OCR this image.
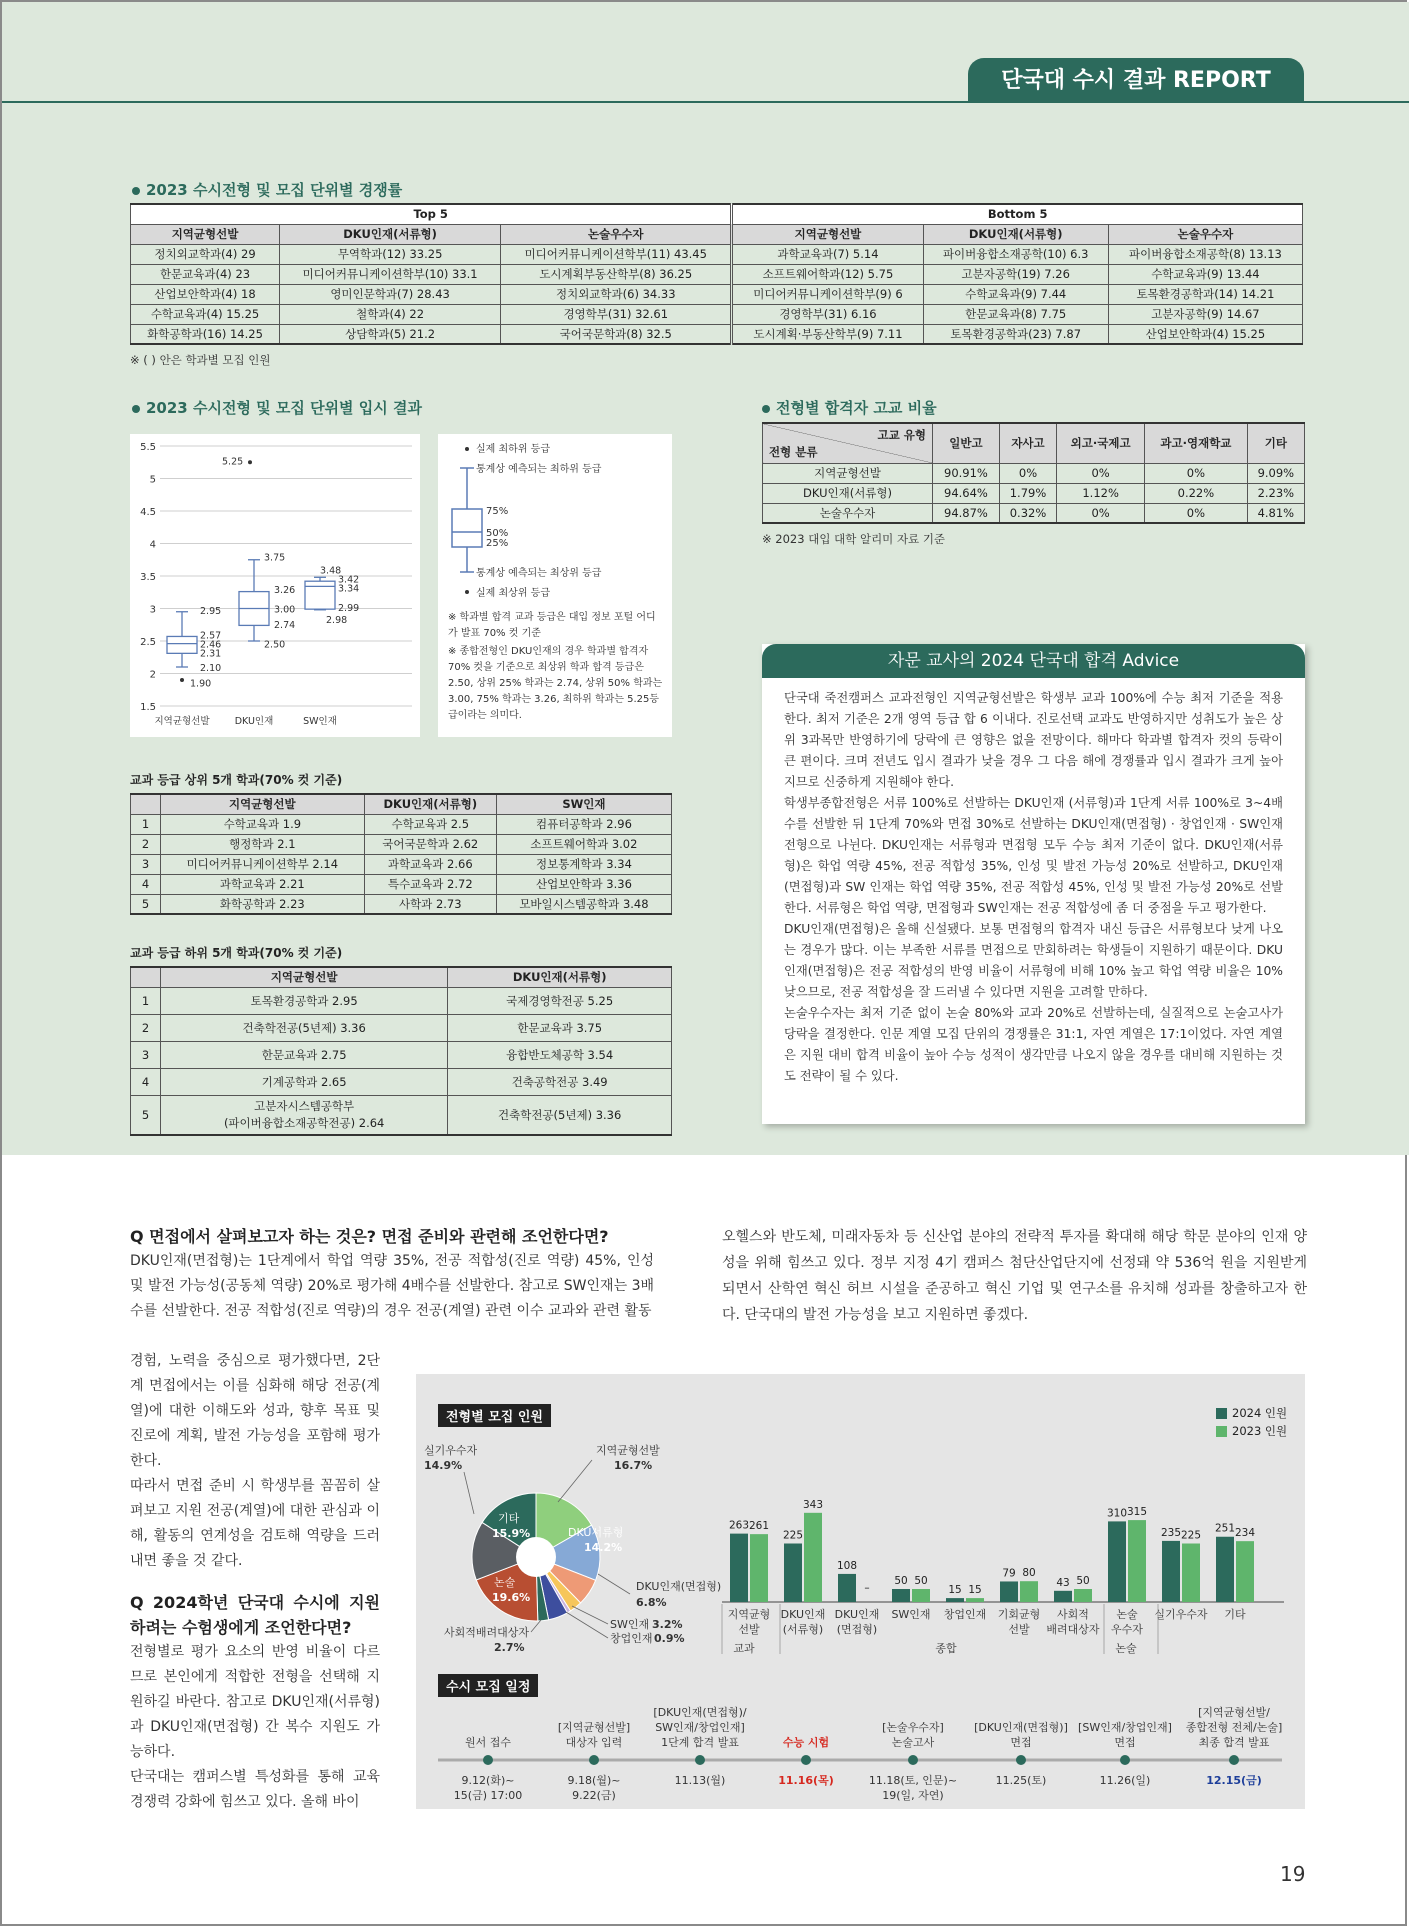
단국대 수시 결과 REPORT
2023 수시전형 및 모집 단위별 경쟁률
Top 5			Bottom 5		
지역균형선발	DKU인재(서류형)	논술우수자	지역균형선발	DKU인재(서류형)	논술우수자
정치외교학과(4) 29	무역학과(12) 33.25	미디어커뮤니케이션학부(11) 43.45	과학교육과(7) 5.14	파이버융합소재공학(10) 6.3	파이버융합소재공학(8) 13.13
한문교육과(4) 23	미디어커뮤니케이션학부(10) 33.1	도시계획부동산학부(8) 36.25	소프트웨어학과(12) 5.75	고분자공학(19) 7.26	수학교육과(9) 13.44
산업보안학과(4) 18	영미인문학과(7) 28.43	정치외교학과(6) 34.33	미디어커뮤니케이션학부(9) 6	수학교육과(9) 7.44	토목환경공학과(14) 14.21
수학교육과(4) 15.25	철학과(4) 22	경영학부(31) 32.61	경영학부(31) 6.16	한문교육과(8) 7.75	고분자공학(9) 14.67
화학공학과(16) 14.25	상담학과(5) 21.2	국어국문학과(8) 32.5	도시계획·부동산학부(9) 7.11	토목환경공학과(23) 7.87	산업보안학과(4) 15.25
※ ( ) 안은 학과별 모집 인원
2023 수시전형 및 모집 단위별 입시 결과
5.5
5
4.5
4
3.5
3
2.5
2
1.5
지역균형선발	DKU인재	SW인재
2.95
2.57
2.46
2.31
2.10
1.90
5.25
3.75
3.26
3.00
2.74
2.50
3.48
3.42
3.34
2.99
2.98
실제 최하위 등급
통계상 예측되는 최하위 등급
75%
50%
25%
통계상 예측되는 최상위 등급
실제 최상위 등급
※ 학과별 합격 교과 등급은 대입 정보 포털 어디가 발표 70% 컷 기준
※ 종합전형인 DKU인재의 경우 학과별 합격자 70% 컷을 기준으로 최상위 학과 합격 등급은 2.50, 상위 25% 학과는 2.74, 상위 50% 학과는 3.00, 75% 학과는 3.26, 최하위 학과는 5.25등급이라는 의미다.
전형별 합격자 고교 비율
고교 유형
전형 분류	일반고	자사고	외고·국제고	과고·영재학교	기타
지역균형선발	90.91%	0%	0%	0%	9.09%
DKU인재(서류형)	94.64%	1.79%	1.12%	0.22%	2.23%
논술우수자	94.87%	0.32%	0%	0%	4.81%
※ 2023 대입 대학 알리미 자료 기준
교과 등급 상위 5개 학과(70% 컷 기준)
	지역균형선발	DKU인재(서류형)	SW인재
1	수학교육과 1.9	수학교육과 2.5	컴퓨터공학과 2.96
2	행정학과 2.1	국어국문학과 2.62	소프트웨어학과 3.02
3	미디어커뮤니케이션학부 2.14	과학교육과 2.66	정보통계학과 3.34
4	과학교육과 2.21	특수교육과 2.72	산업보안학과 3.36
5	화학공학과 2.23	사학과 2.73	모바일시스템공학과 3.48
교과 등급 하위 5개 학과(70% 컷 기준)
	지역균형선발	DKU인재(서류형)
1	토목환경공학과 2.95	국제경영학전공 5.25
2	건축학전공(5년제) 3.36	한문교육과 3.75
3	한문교육과 2.75	융합반도체공학 3.54
4	기계공학과 2.65	건축공학전공 3.49
5	고분자시스템공학부
(파이버융합소재공학전공) 2.64	건축학전공(5년제) 3.36
자문 교사의 2024 단국대 합격 Advice

단국대 죽전캠퍼스 교과전형인 지역균형선발은 학생부 교과 100%에 수능 최저 기준을 적용한다. 최저 기준은 2개 영역 등급 합 6 이내다. 진로선택 교과도 반영하지만 성취도가 높은 상위 3과목만 반영하기에 당락에 큰 영향은 없을 전망이다. 해마다 학과별 합격자 컷의 등락이 큰 편이다. 크며 전년도 입시 결과가 낮을 경우 그 다음 해에 경쟁률과 입시 결과가 크게 높아지므로 신중하게 지원해야 한다.

학생부종합전형은 서류 100%로 선발하는 DKU인재 (서류형)과 1단계 서류 100%로 3~4배수를 선발한 뒤 1단계 70%와 면접 30%로 선발하는 DKU인재(면접형) · 창업인재 · SW인재전형으로 나뉜다. DKU인재는 서류형과 면접형 모두 수능 최저 기준이 없다. DKU인재(서류형)은 학업 역량 45%, 전공 적합성 35%, 인성 및 발전 가능성 20%로 선발하고, DKU인재(면접형)과 SW 인재는 학업 역량 35%, 전공 적합성 45%, 인성 및 발전 가능성 20%로 선발한다. 서류형은 학업 역량, 면접형과 SW인재는 전공 적합성에 좀 더 중점을 두고 평가한다.

DKU인재(면접형)은 올해 신설됐다. 보통 면접형의 합격자 내신 등급은 서류형보다 낮게 나오는 경우가 많다. 이는 부족한 서류를 면접으로 만회하려는 학생들이 지원하기 때문이다. DKU인재(면접형)은 전공 적합성의 반영 비율이 서류형에 비해 10% 높고 학업 역량 비율은 10% 낮으므로, 전공 적합성을 잘 드러낼 수 있다면 지원을 고려할 만하다.

논술우수자는 최저 기준 없이 논술 80%와 교과 20%로 선발하는데, 실질적으로 논술고사가 당락을 결정한다. 인문 계열 모집 단위의 경쟁률은 31:1, 자연 계열은 17:1이었다. 자연 계열은 지원 대비 합격 비율이 높아 수능 성적이 생각만큼 나오지 않을 경우를 대비해 지원하는 것도 전략이 될 수 있다.

Q 면접에서 살펴보고자 하는 것은? 면접 준비와 관련해 조언한다면?
DKU인재(면접형)는 1단계에서 학업 역량 35%, 전공 적합성(진로 역량) 45%, 인성 및 발전 가능성(공동체 역량) 20%로 평가해 4배수를 선발한다. 참고로 SW인재는 3배수를 선발한다. 전공 적합성(진로 역량)의 경우 전공(계열) 관련 이수 교과와 관련 활동
경험, 노력을 중심으로 평가했다면, 2단계 면접에서는 이를 심화해 해당 전공(계열)에 대한 이해도와 성과, 향후 목표 및 진로에 계획, 발전 가능성을 포함해 평가한다.
따라서 면접 준비 시 학생부를 꼼꼼히 살펴보고 지원 전공(계열)에 대한 관심과 이해, 활동의 연계성을 검토해 역량을 드러내면 좋을 것 같다.
Q 2024학년 단국대 수시에 지원하려는 수험생에게 조언한다면?
전형별로 평가 요소의 반영 비율이 다르므로 본인에게 적합한 전형을 선택해 지원하길 바란다. 참고로 DKU인재(서류형)과 DKU인재(면접형) 간 복수 지원도 가능하다.
단국대는 캠퍼스별 특성화를 통해 교육 경쟁력 강화에 힘쓰고 있다. 올해 바이
오헬스와 반도체, 미래자동차 등 신산업 분야의 전략적 투자를 확대해 해당 학문 분야의 인재 양성을 위해 힘쓰고 있다. 정부 지정 4기 캠퍼스 첨단산업단지에 선정돼 약 536억 원을 지원받게 되면서 산학연 혁신 허브 시설을 준공하고 혁신 기업 및 연구소를 유치해 성과를 창출하고자 한다. 단국대의 발전 가능성을 보고 지원하면 좋겠다.
전형별 모집 인원	2024 인원
2023 인원
실기우수자
14.9%
기타
15.9%
지역균형선발
16.7%
DKU서류형
14.2%
논술
19.6%
DKU인재(면접형)
6.8%
SW인재 3.2%
창업인재 0.9%
사회적배려대상자
2.7%
263 261
지역균형
선발
225
343
DKU인재
(서류형)
108
–
DKU인재
(면접형)
50 50
SW인재
15 15
창업인재
79 80
기회균형
선발
43 50
사회적
배려대상자
310 315
논술
우수자
235 225
실기우수자
251 234
기타
교과	종합	논술
수시 모집 일정
원서 접수
9.12(화)~
15(금) 17:00
[지역균형선발]
대상자 입력
9.18(월)~
9.22(금)
[DKU인재(면접형)/
SW인재/창업인재]
1단계 합격 발표
11.13(월)
수능 시험
11.16(목)
[논술우수자]
논술고사
11.18(토, 인문)~
19(일, 자연)
[DKU인재(면접형)]
면접
11.25(토)
[SW인재/창업인재]
면접
11.26(일)
[지역균형선발/
종합전형 전체/논술]
최종 합격 발표
12.15(금)
19
